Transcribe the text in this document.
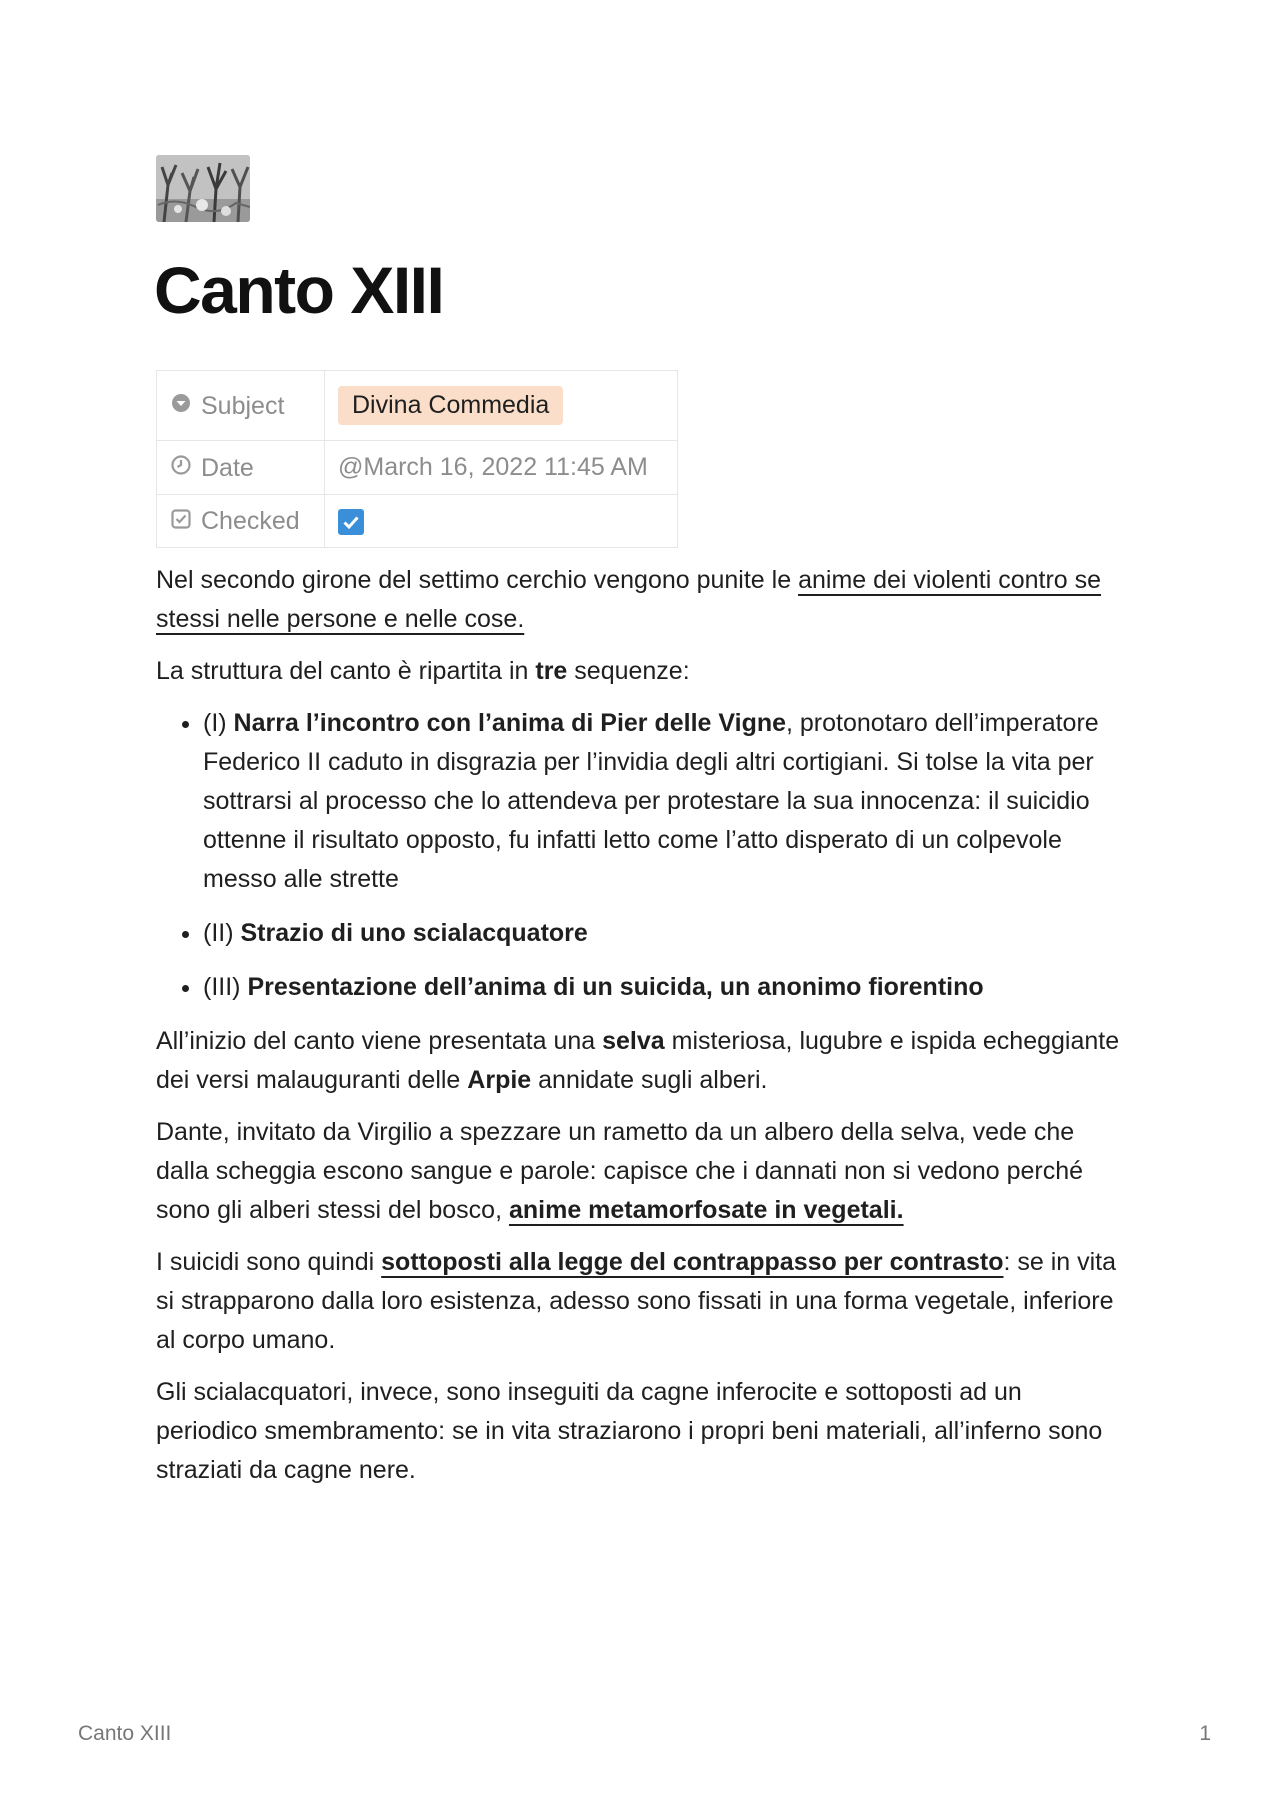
Canto XIII
Subject	Divina Commedia
Date	@March 16, 2022 11:45 AM
Checked	

Nel secondo girone del settimo cerchio vengono punite le anime dei violenti contro se stessi nelle persone e nelle cose.

La struttura del canto è ripartita in tre sequenze:

• (I) Narra l’incontro con l’anima di Pier delle Vigne, protonotaro dell’imperatore Federico II caduto in disgrazia per l’invidia degli altri cortigiani. Si tolse la vita per sottrarsi al processo che lo attendeva per protestare la sua innocenza: il suicidio ottenne il risultato opposto, fu infatti letto come l’atto disperato di un colpevole messo alle strette
• (II) Strazio di uno scialacquatore
• (III) Presentazione dell’anima di un suicida, un anonimo fiorentino

All’inizio del canto viene presentata una selva misteriosa, lugubre e ispida echeggiante dei versi malauguranti delle Arpie annidate sugli alberi.

Dante, invitato da Virgilio a spezzare un rametto da un albero della selva, vede che dalla scheggia escono sangue e parole: capisce che i dannati non si vedono perché sono gli alberi stessi del bosco, anime metamorfosate in vegetali.

I suicidi sono quindi sottoposti alla legge del contrappasso per contrasto: se in vita si strapparono dalla loro esistenza, adesso sono fissati in una forma vegetale, inferiore al corpo umano.

Gli scialacquatori, invece, sono inseguiti da cagne inferocite e sottoposti ad un periodico smembramento: se in vita straziarono i propri beni materiali, all’inferno sono straziati da cagne nere.

Canto XIII	1
